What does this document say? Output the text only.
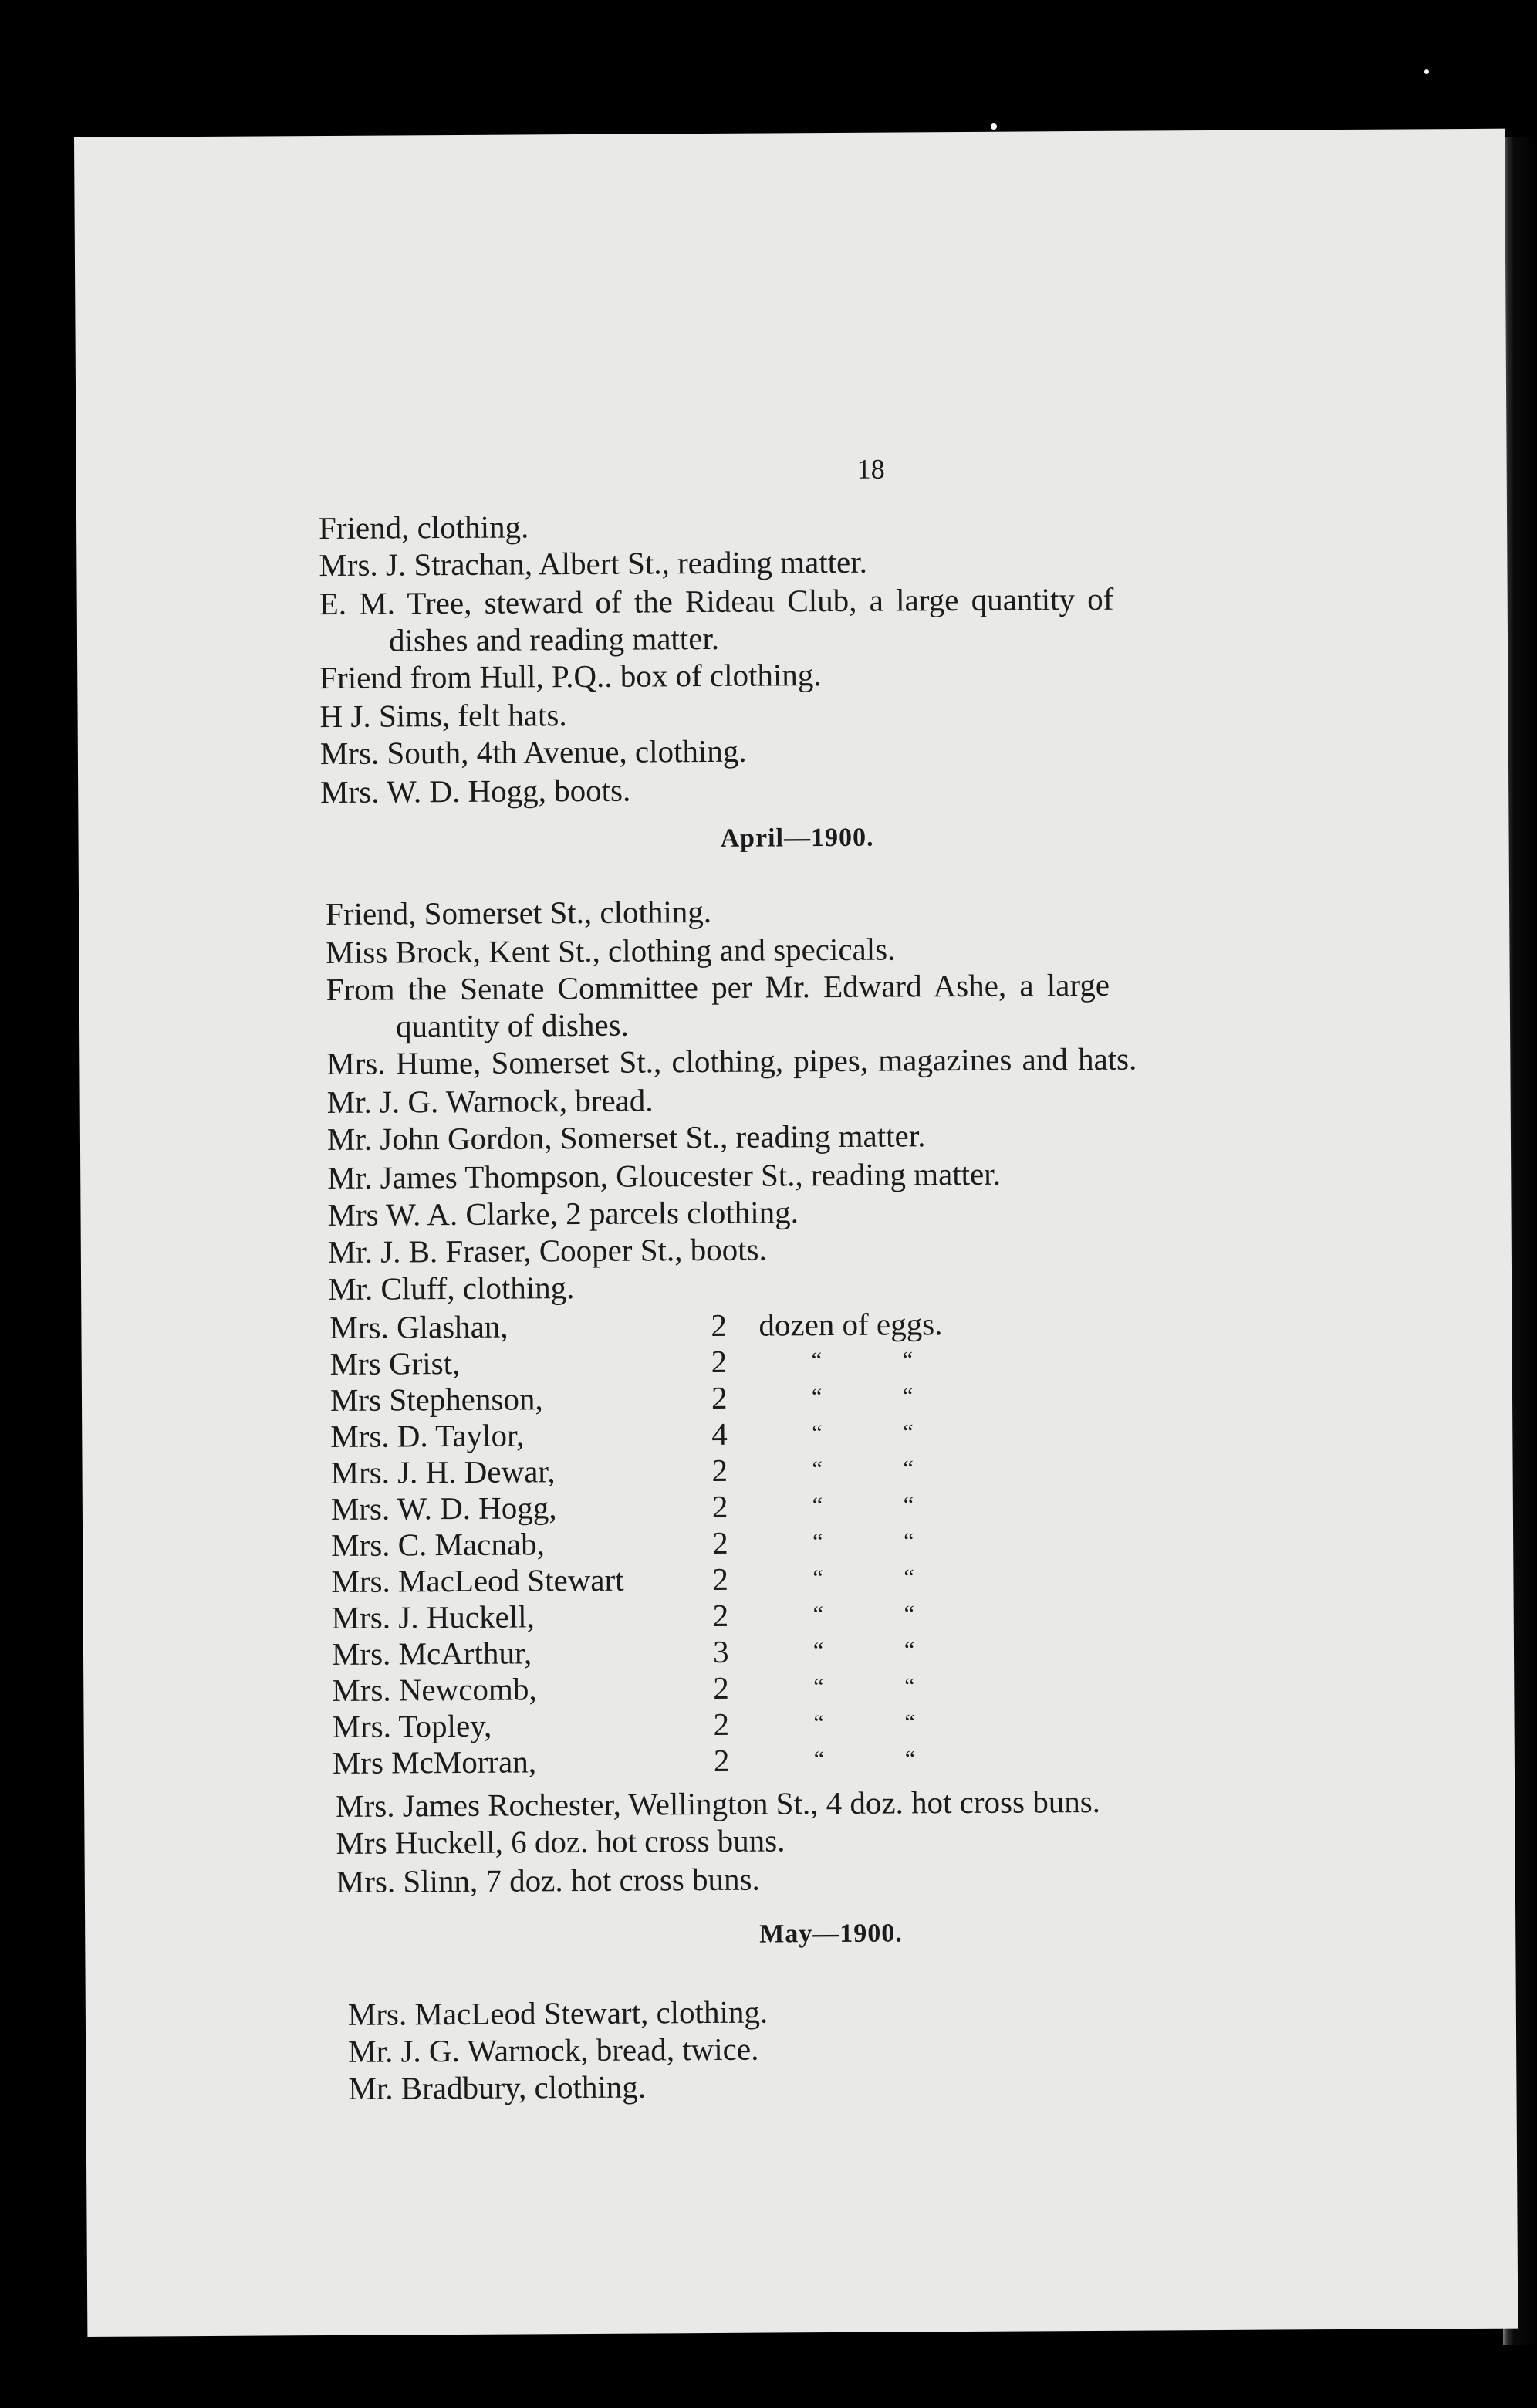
18
Friend, clothing.
Mrs. J. Strachan, Albert St., reading matter.
E. M. Tree, steward of the Rideau Club, a large quantity of
dishes and reading matter.
Friend from Hull, P.Q.. box of clothing.
H J. Sims, felt hats.
Mrs. South, 4th Avenue, clothing.
Mrs. W. D. Hogg, boots.
April—1900.
Friend, Somerset St., clothing.
Miss Brock, Kent St., clothing and specicals.
From the Senate Committee per Mr. Edward Ashe, a large
quantity of dishes.
Mrs. Hume, Somerset St., clothing, pipes, magazines and hats.
Mr. J. G. Warnock, bread.
Mr. John Gordon, Somerset St., reading matter.
Mr. James Thompson, Gloucester St., reading matter.
Mrs W. A. Clarke, 2 parcels clothing.
Mr. J. B. Fraser, Cooper St., boots.
Mr. Cluff, clothing.
Mrs. Glashan,	2 dozen of eggs.
Mrs Grist,	2	“	“
Mrs Stephenson,	2	“	“
Mrs. D. Taylor,	4	“	“
Mrs. J. H. Dewar,	2	“	“
Mrs. W. D. Hogg,	2	“	“
Mrs. C. Macnab,	2	“	“
Mrs. MacLeod Stewart	2	“	“
Mrs. J. Huckell,	2	“	“
Mrs. McArthur,	3	“	“
Mrs. Newcomb,	2	“	“
Mrs. Topley,	2	“	“
Mrs McMorran,	2	“	“
Mrs. James Rochester, Wellington St., 4 doz. hot cross buns.
Mrs Huckell, 6 doz. hot cross buns.
Mrs. Slinn, 7 doz. hot cross buns.
May—1900.
Mrs. MacLeod Stewart, clothing.
Mr. J. G. Warnock, bread, twice.
Mr. Bradbury, clothing.
